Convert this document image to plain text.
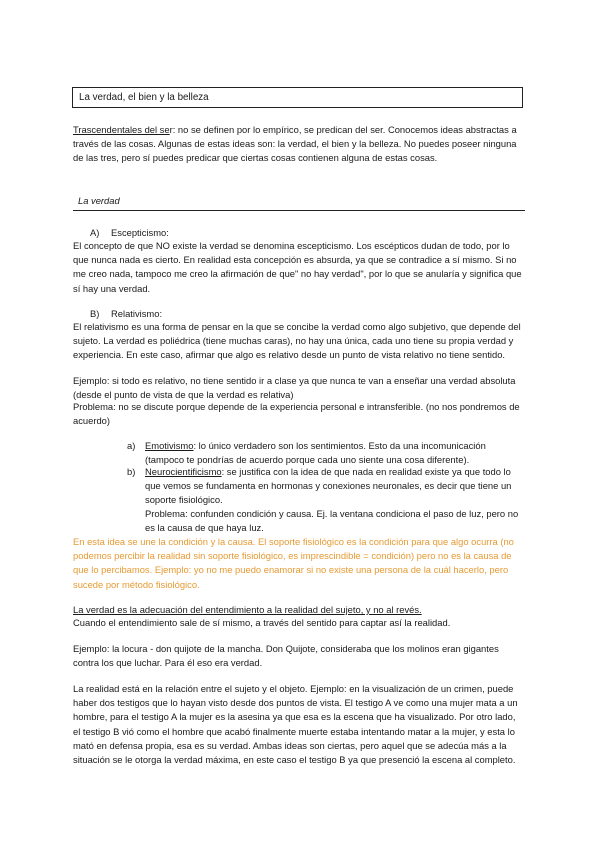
La verdad, el bien y la belleza
Trascendentales del ser: no se definen por lo empírico, se predican del ser. Conocemos ideas abstractas a través de las cosas. Algunas de estas ideas son: la verdad, el bien y la belleza. No puedes poseer ninguna de las tres, pero sí puedes predicar que ciertas cosas contienen alguna de estas cosas.
La verdad
A) Escepticismo:
El concepto de que NO existe la verdad se denomina escepticismo. Los escépticos dudan de todo, por lo que nunca nada es cierto. En realidad esta concepción es absurda, ya que se contradice a sí mismo. Si no me creo nada, tampoco me creo la afirmación de que" no hay verdad", por lo que se anularía y significa que sí hay una verdad.
B) Relativismo:
El relativismo es una forma de pensar en la que se concibe la verdad como algo subjetivo, que depende del sujeto. La verdad es poliédrica (tiene muchas caras), no hay una única, cada uno tiene su propia verdad y experiencia. En este caso, afirmar que algo es relativo desde un punto de vista relativo no tiene sentido.
Ejemplo: si todo es relativo, no tiene sentido ir a clase ya que nunca te van a enseñar una verdad absoluta (desde el punto de vista de que la verdad es relativa)
Problema: no se discute porque depende de la experiencia personal e intransferible. (no nos pondremos de acuerdo)
a) Emotivismo: lo único verdadero son los sentimientos. Esto da una incomunicación (tampoco te pondrías de acuerdo porque cada uno siente una cosa diferente).
b) Neurocientificismo: se justifica con la idea de que nada en realidad existe ya que todo lo que vemos se fundamenta en hormonas y conexiones neuronales, es decir que tiene un soporte fisiológico.
Problema: confunden condición y causa. Ej. la ventana condiciona el paso de luz, pero no es la causa de que haya luz.
En esta idea se une la condición y la causa. El soporte fisiológico es la condición para que algo ocurra (no podemos percibir la realidad sin soporte fisiológico, es imprescindible = condición) pero no es la causa de que lo percibamos. Ejemplo: yo no me puedo enamorar si no existe una persona de la cuál hacerlo, pero sucede por método fisiológico.
La verdad es la adecuación del entendimiento a la realidad del sujeto, y no al revés.
Cuando el entendimiento sale de sí mismo, a través del sentido para captar así la realidad.
Ejemplo: la locura - don quijote de la mancha. Don Quijote, consideraba que los molinos eran gigantes contra los que luchar. Para él eso era verdad.
La realidad está en la relación entre el sujeto y el objeto. Ejemplo: en la visualización de un crimen, puede haber dos testigos que lo hayan visto desde dos puntos de vista. El testigo A ve como una mujer mata a un hombre, para el testigo A la mujer es la asesina ya que esa es la escena que ha visualizado. Por otro lado, el testigo B vió como el hombre que acabó finalmente muerte estaba intentando matar a la mujer, y esta lo mató en defensa propia, esa es su verdad. Ambas ideas son ciertas, pero aquel que se adecúa más a la situación se le otorga la verdad máxima, en este caso el testigo B ya que presenció la escena al completo.
